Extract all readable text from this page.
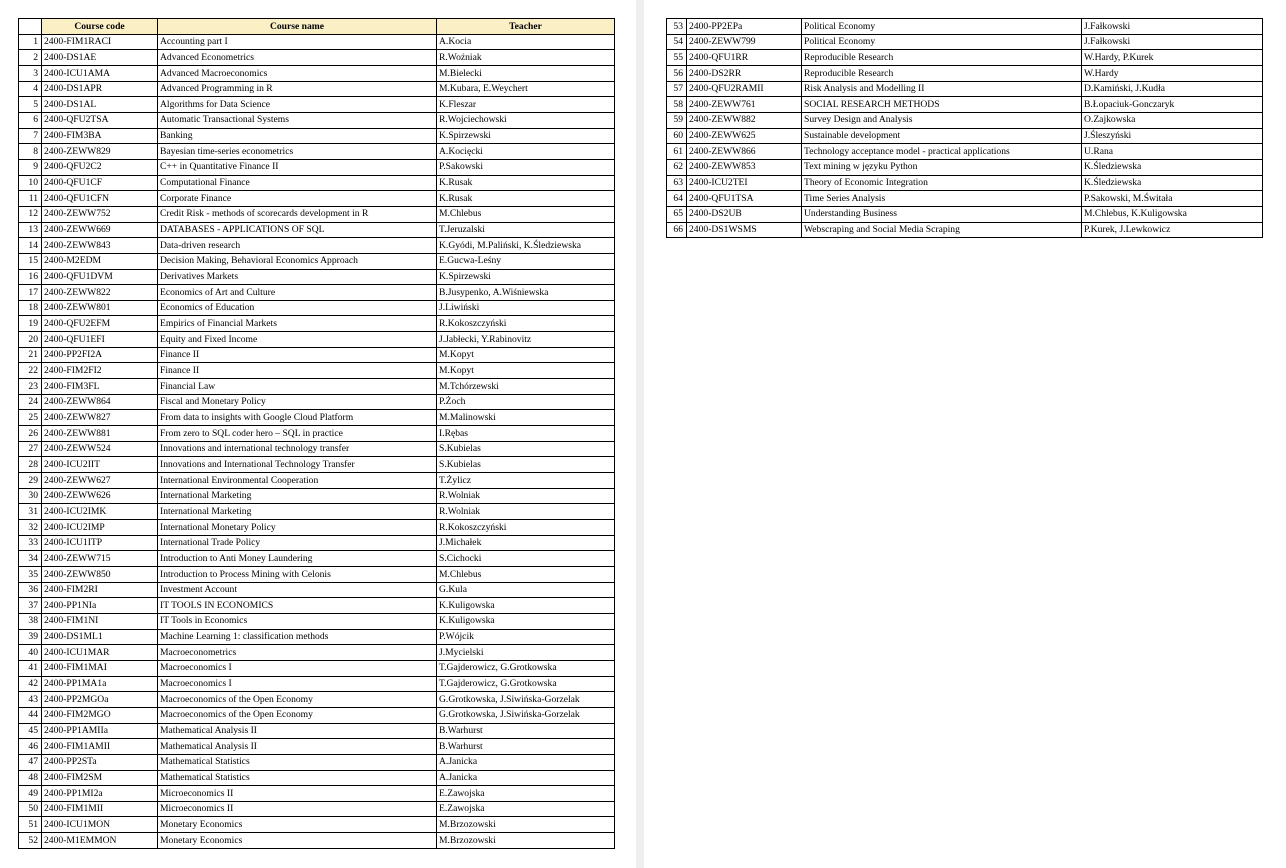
	Course code	Course name	Teacher
1	2400-FIM1RACI	Accounting part I	A.Kocia
2	2400-DS1AE	Advanced Econometrics	R.Woźniak
3	2400-ICU1AMA	Advanced Macroeconomics	M.Bielecki
4	2400-DS1APR	Advanced Programming in R	M.Kubara, E.Weychert
5	2400-DS1AL	Algorithms for Data Science	K.Fleszar
6	2400-QFU2TSA	Automatic Transactional Systems	R.Wojciechowski
7	2400-FIM3BA	Banking	K.Spirzewski
8	2400-ZEWW829	Bayesian time-series econometrics	A.Kocięcki
9	2400-QFU2C2	C++ in Quantitative Finance II	P.Sakowski
10	2400-QFU1CF	Computational Finance	K.Rusak
11	2400-QFU1CFN	Corporate Finance	K.Rusak
12	2400-ZEWW752	Credit Risk - methods of scorecards development in R	M.Chlebus
13	2400-ZEWW669	DATABASES - APPLICATIONS OF SQL	T.Jeruzalski
14	2400-ZEWW843	Data-driven research	K.Gyódi, M.Paliński, K.Śledziewska
15	2400-M2EDM	Decision Making, Behavioral Economics Approach	E.Gucwa-Leśny
16	2400-QFU1DVM	Derivatives Markets	K.Spirzewski
17	2400-ZEWW822	Economics of Art and Culture	B.Jusypenko, A.Wiśniewska
18	2400-ZEWW801	Economics of Education	J.Liwiński
19	2400-QFU2EFM	Empirics of Financial Markets	R.Kokoszczyński
20	2400-QFU1EFI	Equity and Fixed Income	J.Jabłecki, Y.Rabinovitz
21	2400-PP2FI2A	Finance II	M.Kopyt
22	2400-FIM2FI2	Finance II	M.Kopyt
23	2400-FIM3FL	Financial Law	M.Tchórzewski
24	2400-ZEWW864	Fiscal and Monetary Policy	P.Żoch
25	2400-ZEWW827	From data to insights with Google Cloud Platform	M.Malinowski
26	2400-ZEWW881	From zero to SQL coder hero – SQL in practice	I.Rębas
27	2400-ZEWW524	Innovations and international technology transfer	S.Kubielas
28	2400-ICU2IIT	Innovations and International Technology Transfer	S.Kubielas
29	2400-ZEWW627	International Environmental Cooperation	T.Żylicz
30	2400-ZEWW626	International Marketing	R.Wolniak
31	2400-ICU2IMK	International Marketing	R.Wolniak
32	2400-ICU2IMP	International Monetary Policy	R.Kokoszczyński
33	2400-ICU1ITP	International Trade Policy	J.Michałek
34	2400-ZEWW715	Introduction to Anti Money Laundering	S.Cichocki
35	2400-ZEWW850	Introduction to Process Mining with Celonis	M.Chlebus
36	2400-FIM2RI	Investment Account	G.Kula
37	2400-PP1NIa	IT TOOLS IN ECONOMICS	K.Kuligowska
38	2400-FIM1NI	IT Tools in Economics	K.Kuligowska
39	2400-DS1ML1	Machine Learning 1: classification methods	P.Wójcik
40	2400-ICU1MAR	Macroeconometrics	J.Mycielski
41	2400-FIM1MAI	Macroeconomics I	T.Gajderowicz, G.Grotkowska
42	2400-PP1MA1a	Macroeconomics I	T.Gajderowicz, G.Grotkowska
43	2400-PP2MGOa	Macroeconomics of the Open Economy	G.Grotkowska, J.Siwińska-Gorzelak
44	2400-FIM2MGO	Macroeconomics of the Open Economy	G.Grotkowska, J.Siwińska-Gorzelak
45	2400-PP1AMIIa	Mathematical Analysis II	B.Warhurst
46	2400-FIM1AMII	Mathematical Analysis II	B.Warhurst
47	2400-PP2STa	Mathematical Statistics	A.Janicka
48	2400-FIM2SM	Mathematical Statistics	A.Janicka
49	2400-PP1MI2a	Microeconomics II	E.Zawojska
50	2400-FIM1MII	Microeconomics II	E.Zawojska
51	2400-ICU1MON	Monetary Economics	M.Brzozowski
52	2400-M1EMMON	Monetary Economics	M.Brzozowski
53	2400-PP2EPa	Political Economy	J.Fałkowski
54	2400-ZEWW799	Political Economy	J.Fałkowski
55	2400-QFU1RR	Reproducible Research	W.Hardy, P.Kurek
56	2400-DS2RR	Reproducible Research	W.Hardy
57	2400-QFU2RAMII	Risk Analysis and Modelling II	D.Kamiński, J.Kudła
58	2400-ZEWW761	SOCIAL RESEARCH METHODS	B.Łopaciuk-Gonczaryk
59	2400-ZEWW882	Survey Design and Analysis	O.Zajkowska
60	2400-ZEWW625	Sustainable development	J.Śleszyński
61	2400-ZEWW866	Technology acceptance model - practical applications	U.Rana
62	2400-ZEWW853	Text mining w języku Python	K.Śledziewska
63	2400-ICU2TEI	Theory of Economic Integration	K.Śledziewska
64	2400-QFU1TSA	Time Series Analysis	P.Sakowski, M.Świtała
65	2400-DS2UB	Understanding Business	M.Chlebus, K.Kuligowska
66	2400-DS1WSMS	Webscraping and Social Media Scraping	P.Kurek, J.Lewkowicz
